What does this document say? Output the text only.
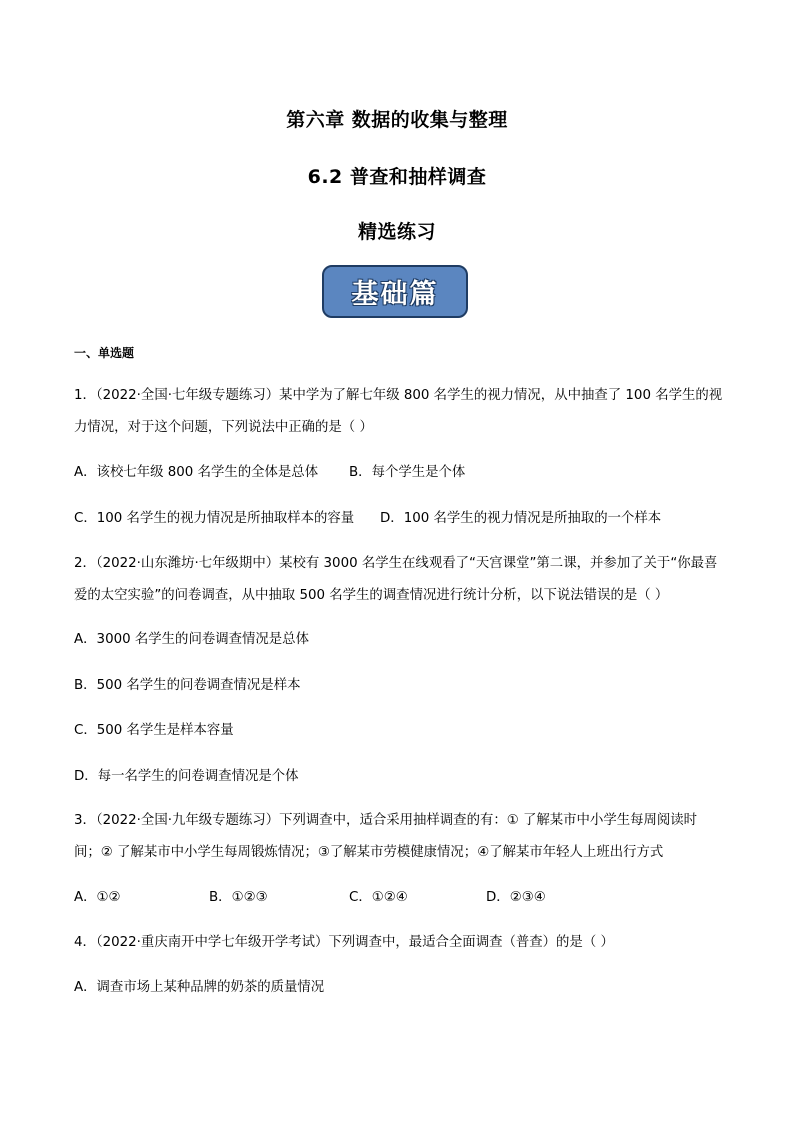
第六章 数据的收集与整理
6.2 普查和抽样调查
精选练习
基础篇
一、单选题
1．（2022·全国·七年级专题练习）某中学为了解七年级 800 名学生的视力情况，从中抽查了 100 名学生的视
力情况，对于这个问题，下列说法中正确的是（ ）
A．该校七年级 800 名学生的全体是总体 B．每个学生是个体
C．100 名学生的视力情况是所抽取样本的容量 D．100 名学生的视力情况是所抽取的一个样本
2．（2022·山东潍坊·七年级期中）某校有 3000 名学生在线观看了“天宫课堂”第二课，并参加了关于“你最喜
爱的太空实验”的问卷调查，从中抽取 500 名学生的调查情况进行统计分析，以下说法错误的是（ ）
A．3000 名学生的问卷调查情况是总体
B．500 名学生的问卷调查情况是样本
C．500 名学生是样本容量
D．每一名学生的问卷调查情况是个体
3．（2022·全国·九年级专题练习）下列调查中，适合采用抽样调查的有：① 了解某市中小学生每周阅读时
间；② 了解某市中小学生每周锻炼情况；③了解某市劳模健康情况；④了解某市年轻人上班出行方式
A．①②	B．①②③	C．①②④	D．②③④
4．（2022·重庆南开中学七年级开学考试）下列调查中，最适合全面调查（普查）的是（ ）
A．调查市场上某种品牌的奶茶的质量情况
